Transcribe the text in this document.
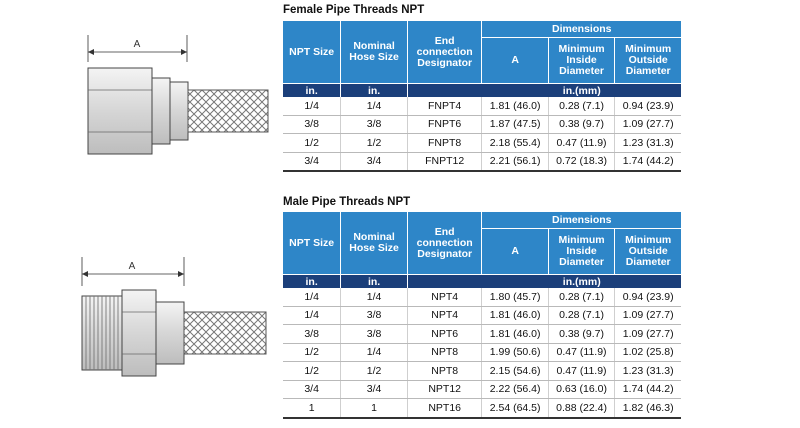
A
A
Female Pipe Threads NPT
NPT Size	Nominal Hose Size	End connection Designator	Dimensions		
			A	Minimum Inside Diameter	Minimum Outside Diameter
in.	in.		in.(mm)		
1/4	1/4	FNPT4	1.81 (46.0)	0.28 (7.1)	0.94 (23.9)
3/8	3/8	FNPT6	1.87 (47.5)	0.38 (9.7)	1.09 (27.7)
1/2	1/2	FNPT8	2.18 (55.4)	0.47 (11.9)	1.23 (31.3)
3/4	3/4	FNPT12	2.21 (56.1)	0.72 (18.3)	1.74 (44.2)
Male Pipe Threads NPT
NPT Size	Nominal Hose Size	End connection Designator	Dimensions		
			A	Minimum Inside Diameter	Minimum Outside Diameter
in.	in.		in.(mm)		
1/4	1/4	NPT4	1.80 (45.7)	0.28 (7.1)	0.94 (23.9)
1/4	3/8	NPT4	1.81 (46.0)	0.28 (7.1)	1.09 (27.7)
3/8	3/8	NPT6	1.81 (46.0)	0.38 (9.7)	1.09 (27.7)
1/2	1/4	NPT8	1.99 (50.6)	0.47 (11.9)	1.02 (25.8)
1/2	1/2	NPT8	2.15 (54.6)	0.47 (11.9)	1.23 (31.3)
3/4	3/4	NPT12	2.22 (56.4)	0.63 (16.0)	1.74 (44.2)
1	1	NPT16	2.54 (64.5)	0.88 (22.4)	1.82 (46.3)
